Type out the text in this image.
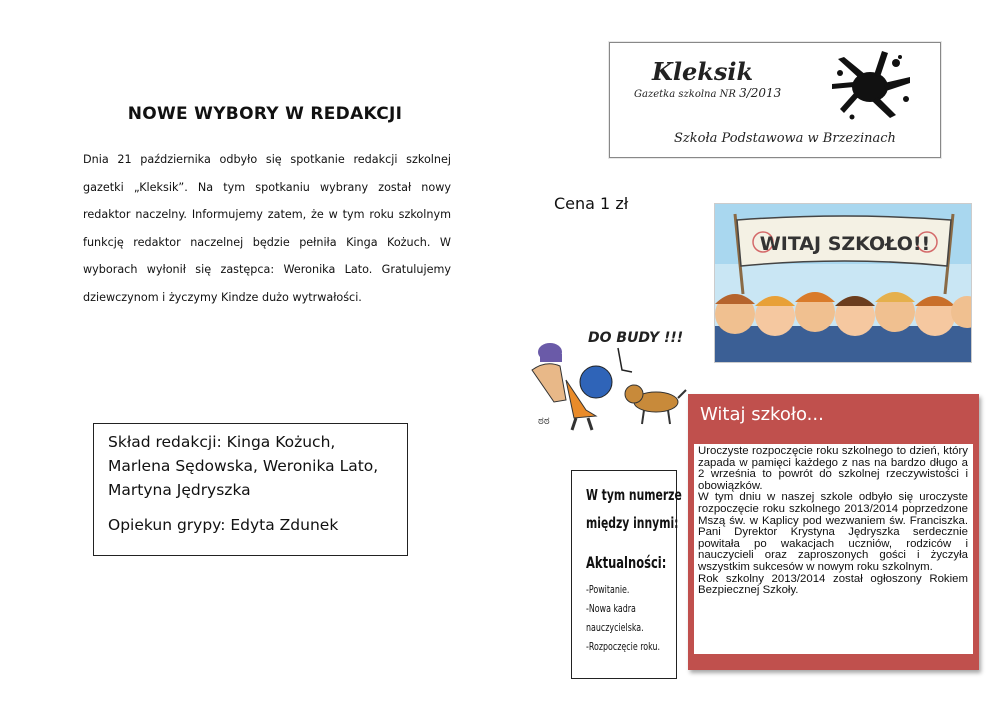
NOWE WYBORY W REDAKCJI
Dnia 21 października odbyło się spotkanie redakcji szkolnej gazetki „Kleksik”. Na tym spotkaniu wybrany został nowy redaktor naczelny. Informujemy zatem, że w tym roku szkolnym funkcję redaktor naczelnej będzie pełniła Kinga Kożuch. W wyborach wyłonił się zastępca: Weronika Lato. Gratulujemy dziewczynom i życzymy Kindze dużo wytrwałości.
Skład redakcji: Kinga Kożuch, Marlena Sędowska, Weronika Lato, Martyna Jędryszka
Opiekun grypy: Edyta Zdunek
Kleksik
Gazetka szkolna NR 3/2013
Szkoła Podstawowa w Brzezinach
Cena 1 zł
WITAJ SZKOŁO!!
DO BUDY !!!
ಠಠ
W tym numerze
między innymi:
Aktualności:
-Powitanie.
-Nowa kadra
nauczycielska.
-Rozpoczęcie roku.
Witaj szkoło...

Uroczyste rozpoczęcie roku szkolnego to dzień, który zapada w pamięci każdego z nas na bardzo długo a 2 września to powrót do szkolnej rzeczywistości i obowiązków.

W tym dniu w naszej szkole odbyło się uroczyste rozpoczęcie roku szkolnego 2013/2014 poprzedzone Mszą św. w Kaplicy pod wezwaniem św. Franciszka. Pani Dyrektor Krystyna Jędryszka serdecznie powitała po wakacjach uczniów, rodziców i nauczycieli oraz zaproszonych gości i życzyła wszystkim sukcesów w nowym roku szkolnym.

Rok szkolny 2013/2014 został ogłoszony Rokiem Bezpiecznej Szkoły.
